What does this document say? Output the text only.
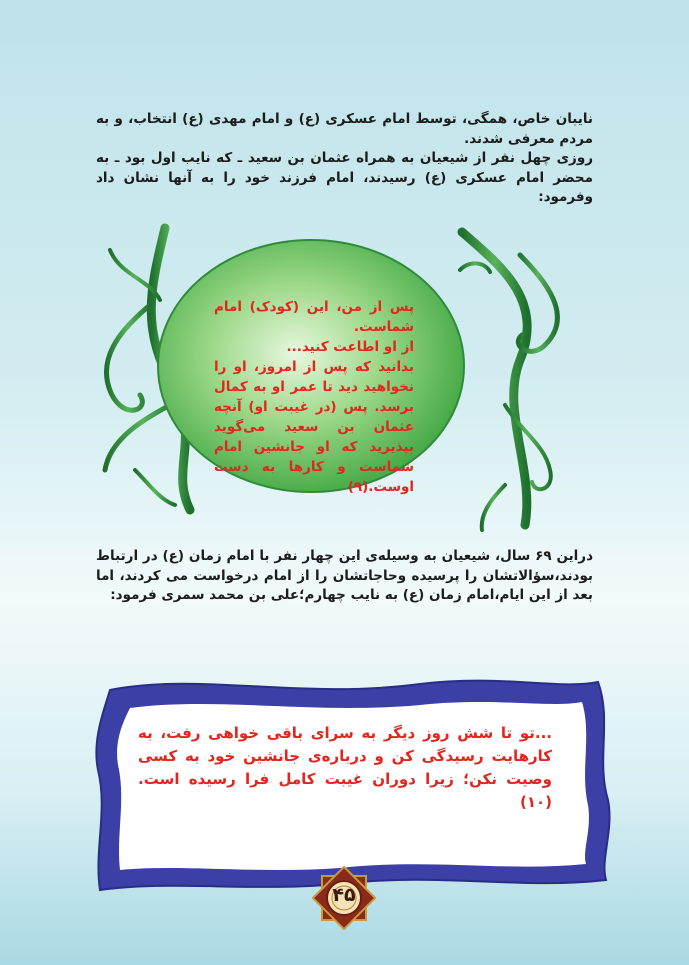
نایبان خاص، همگی، توسط امام عسکری (ع) و امام مهدی (ع) انتخاب، و به مردم معرفی شدند.

روزی چهل نفر از شیعیان به همراه عثمان بن سعید ـ که نایب اول بود ـ به محضر امام عسکری (ع) رسیدند، امام فرزند خود را به آنها نشان داد وفرمود:

پس از من، این (کودک) امام شماست.

از او اطاعت کنید...

بدانید که پس از امروز، او را نخواهید دید تا عمر او به کمال برسد. پس (در غیبت او) آنچه عثمان بن سعید می‌گوید بپذیرید که او جانشین امام شماست و کارها به دست اوست.(۹)

دراین ۶۹ سال، شیعیان به وسیله‌ی این چهار نفر با امام زمان (ع) در ارتباط بودند،سؤالاتشان را پرسیده وحاجاتشان را از امام درخواست می کردند، اما بعد از این ایام،امام زمان (ع) به نایب چهارم؛علی بن محمد سمری فرمود:

...تو تا شش روز دیگر به سرای باقی خواهی رفت، به کارهایت رسیدگی کن و درباره‌ی جانشین خود به کسی وصیت نکن؛ زیرا دوران غیبت کامل فرا رسیده است. (۱۰)

۴۵
